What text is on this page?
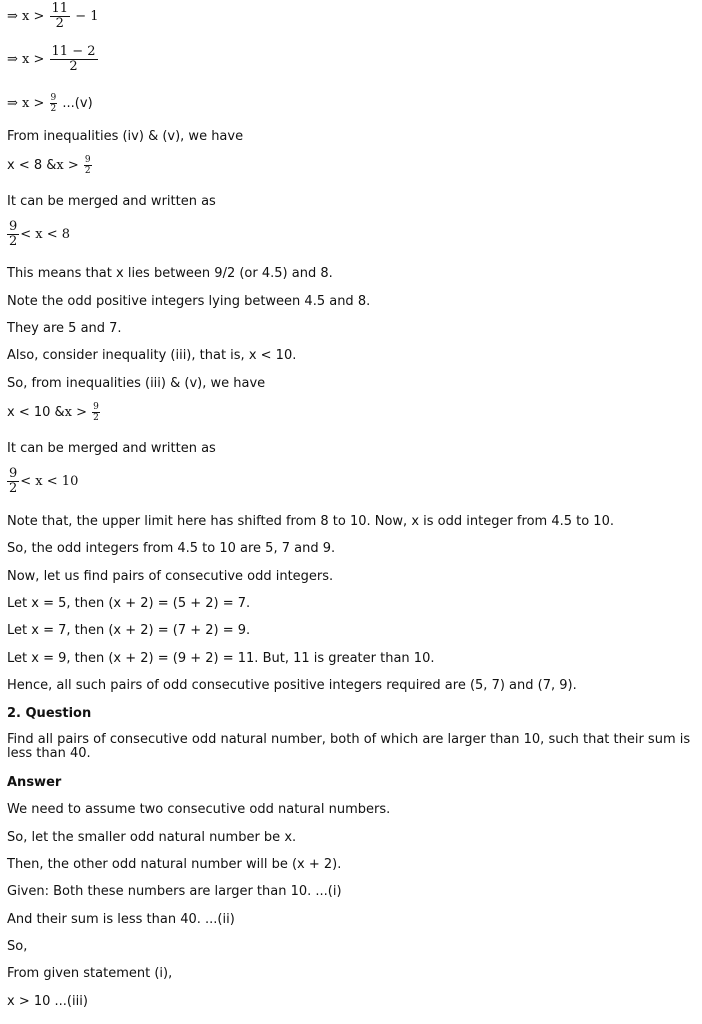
⇒ $x > \frac{11}{2} - 1$
⇒ $x > \frac{11 - 2}{2}$
⇒ $x > \frac{9}{2} ...(v)$
From inequalities (iv) & (v), we have
x < 8 &x > $\frac{9}{2}$
It can be merged and written as
$\frac{9}{2} < x < 8$
This means that x lies between 9/2 (or 4.5) and 8.
Note the odd positive integers lying between 4.5 and 8.
They are 5 and 7.
Also, consider inequality (iii), that is, x < 10.
So, from inequalities (iii) & (v), we have
x < 10 &x > $\frac{9}{2}$
It can be merged and written as
$\frac{9}{2} < x < 10$
Note that, the upper limit here has shifted from 8 to 10. Now, x is odd integer from 4.5 to 10.
So, the odd integers from 4.5 to 10 are 5, 7 and 9.
Now, let us find pairs of consecutive odd integers.
Let x = 5, then (x + 2) = (5 + 2) = 7.
Let x = 7, then (x + 2) = (7 + 2) = 9.
Let x = 9, then (x + 2) = (9 + 2) = 11. But, 11 is greater than 10.
Hence, all such pairs of odd consecutive positive integers required are (5, 7) and (7, 9).
2. Question
Find all pairs of consecutive odd natural number, both of which are larger than 10, such that their sum is less than 40.
Answer
We need to assume two consecutive odd natural numbers.
So, let the smaller odd natural number be x.
Then, the other odd natural number will be (x + 2).
Given: Both these numbers are larger than 10. ...(i)
And their sum is less than 40. ...(ii)
So,
From given statement (i),
x > 10 ...(iii)
